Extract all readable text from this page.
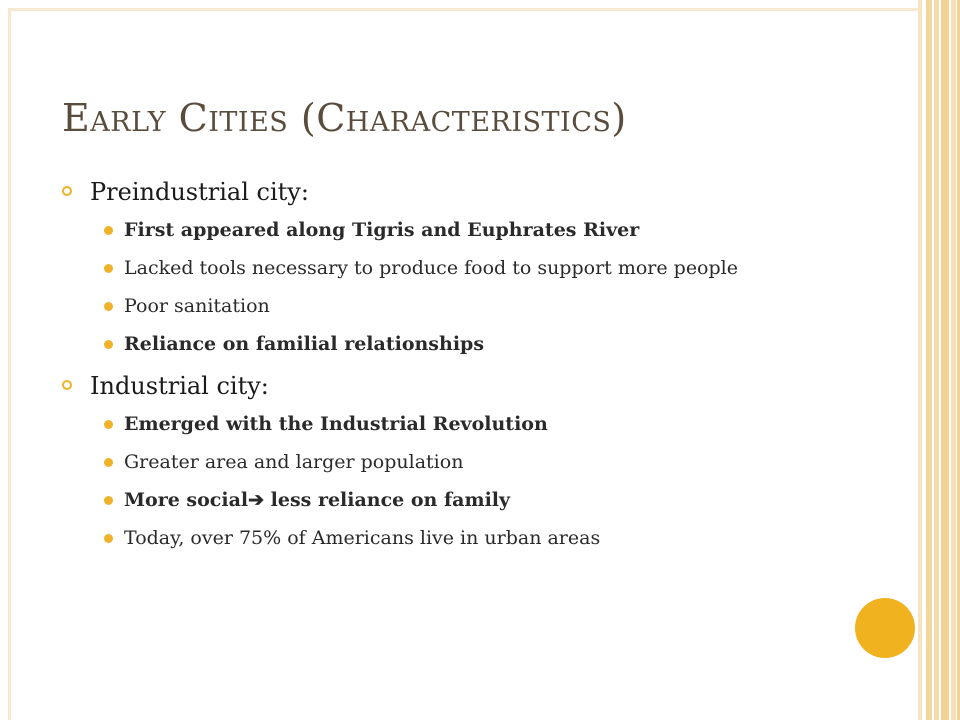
Early Cities (Characteristics)
Preindustrial city:
First appeared along Tigris and Euphrates River
Lacked tools necessary to produce food to support more people
Poor sanitation
Reliance on familial relationships
Industrial city:
Emerged with the Industrial Revolution
Greater area and larger population
More social➔ less reliance on family
Today, over 75% of Americans live in urban areas
